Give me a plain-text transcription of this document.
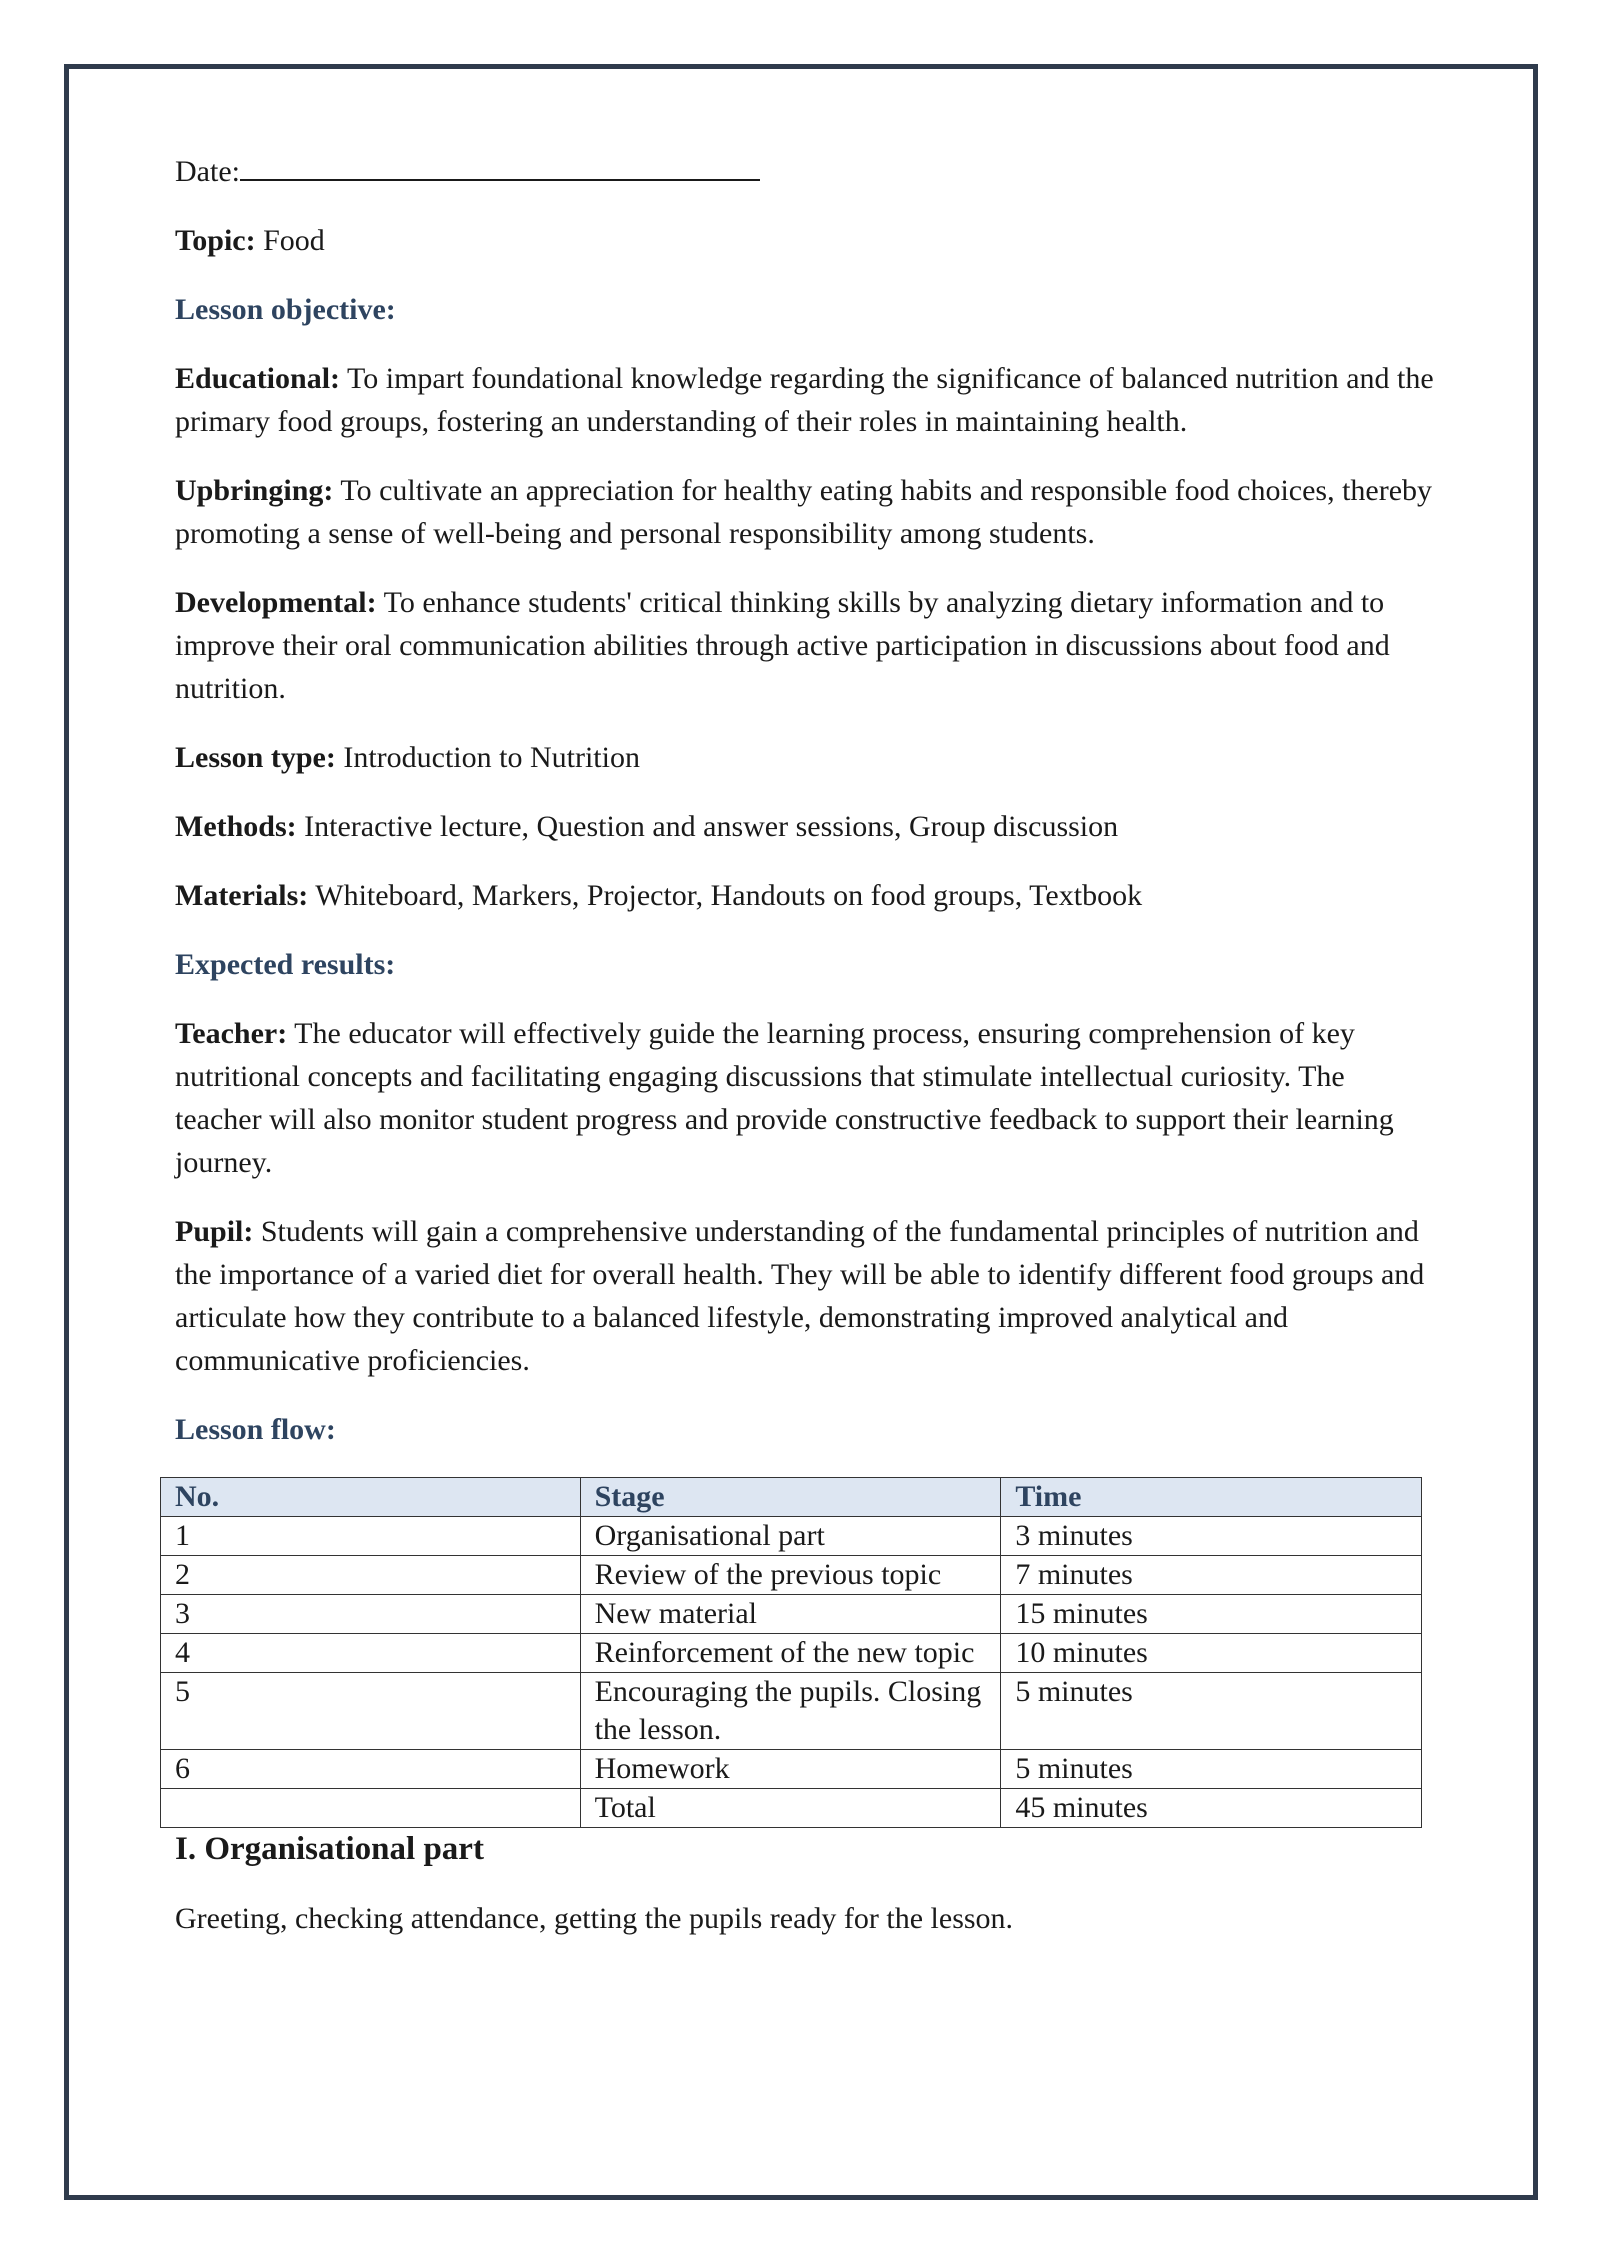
Date:

Topic: Food

Lesson objective:

Educational: To impart foundational knowledge regarding the significance of balanced nutrition and the primary food groups, fostering an understanding of their roles in maintaining health.

Upbringing: To cultivate an appreciation for healthy eating habits and responsible food choices, thereby promoting a sense of well-being and personal responsibility among students.

Developmental: To enhance students' critical thinking skills by analyzing dietary information and to improve their oral communication abilities through active participation in discussions about food and nutrition.

Lesson type: Introduction to Nutrition

Methods: Interactive lecture, Question and answer sessions, Group discussion

Materials: Whiteboard, Markers, Projector, Handouts on food groups, Textbook

Expected results:

Teacher: The educator will effectively guide the learning process, ensuring comprehension of key nutritional concepts and facilitating engaging discussions that stimulate intellectual curiosity. The teacher will also monitor student progress and provide constructive feedback to support their learning journey.

Pupil: Students will gain a comprehensive understanding of the fundamental principles of nutrition and the importance of a varied diet for overall health. They will be able to identify different food groups and articulate how they contribute to a balanced lifestyle, demonstrating improved analytical and communicative proficiencies.

Lesson flow:

No.	Stage	Time
1	Organisational part	3 minutes
2	Review of the previous topic	7 minutes
3	New material	15 minutes
4	Reinforcement of the new topic	10 minutes
5	Encouraging the pupils. Closing the lesson.	5 minutes
6	Homework	5 minutes
	Total	45 minutes

I. Organisational part

Greeting, checking attendance, getting the pupils ready for the lesson.
